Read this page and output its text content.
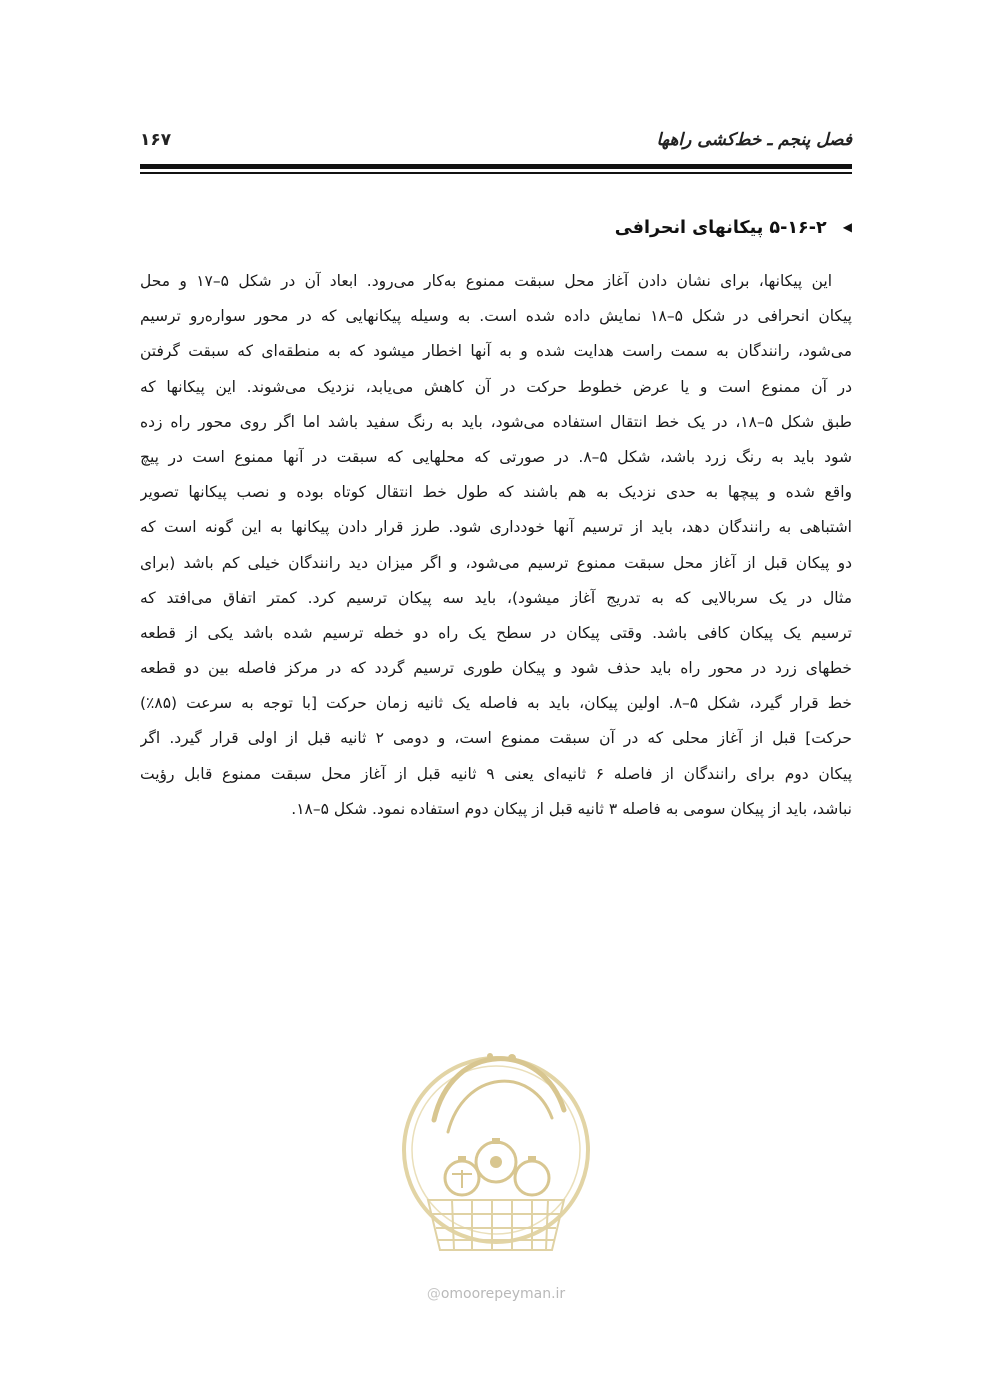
فصل پنجم ـ خط‌کشی راهها
۱۶۷
◀ ۵-۱۶-۲ پیکانهای انحرافی
این پیکانها، برای نشان دادن آغاز محل سبقت ممنوع به‌کار می‌رود. ابعاد آن در شکل ۵–۱۷ و محل
پیکان انحرافی در شکل ۵–۱۸ نمایش داده شده است. به وسیله پیکانهایی که در محور سواره‌رو ترسیم
می‌شود، رانندگان به سمت راست هدایت شده و به آنها اخطار میشود که به منطقه‌ای که سبقت گرفتن
در آن ممنوع است و یا عرض خطوط حرکت در آن کاهش می‌یابد، نزدیک می‌شوند. این پیکانها که
طبق شکل ۵–۱۸، در یک خط انتقال استفاده می‌شود، باید به رنگ سفید باشد اما اگر روی محور راه زده
شود باید به رنگ زرد باشد، شکل ۵–۸. در صورتی که محلهایی که سبقت در آنها ممنوع است در پیچ
واقع شده و پیچها به حدی نزدیک به هم باشند که طول خط انتقال کوتاه بوده و نصب پیکانها تصویر
اشتباهی به رانندگان دهد، باید از ترسیم آنها خودداری شود. طرز قرار دادن پیکانها به این گونه است که
دو پیکان قبل از آغاز محل سبقت ممنوع ترسیم می‌شود، و اگر میزان دید رانندگان خیلی کم باشد (برای
مثال در یک سربالایی که به تدریج آغاز میشود)، باید سه پیکان ترسیم کرد. کمتر اتفاق می‌افتد که
ترسیم یک پیکان کافی باشد. وقتی پیکان در سطح یک راه دو خطه ترسیم شده باشد یکی از قطعه
خطهای زرد در محور راه باید حذف شود و پیکان طوری ترسیم گردد که در مرکز فاصله بین دو قطعه
خط قرار گیرد، شکل ۵–۸. اولین پیکان، باید به فاصله یک ثانیه زمان حرکت [با توجه به سرعت (۸۵٪)
حرکت] قبل از آغاز محلی که در آن سبقت ممنوع است، و دومی ۲ ثانیه قبل از اولی قرار گیرد. اگر
پیکان دوم برای رانندگان از فاصله ۶ ثانیه‌ای یعنی ۹ ثانیه قبل از آغاز محل سبقت ممنوع قابل رؤیت
نباشد، باید از پیکان سومی به فاصله ۳ ثانیه قبل از پیکان دوم استفاده نمود. شکل ۵–۱۸.
@omoorepeyman.ir
